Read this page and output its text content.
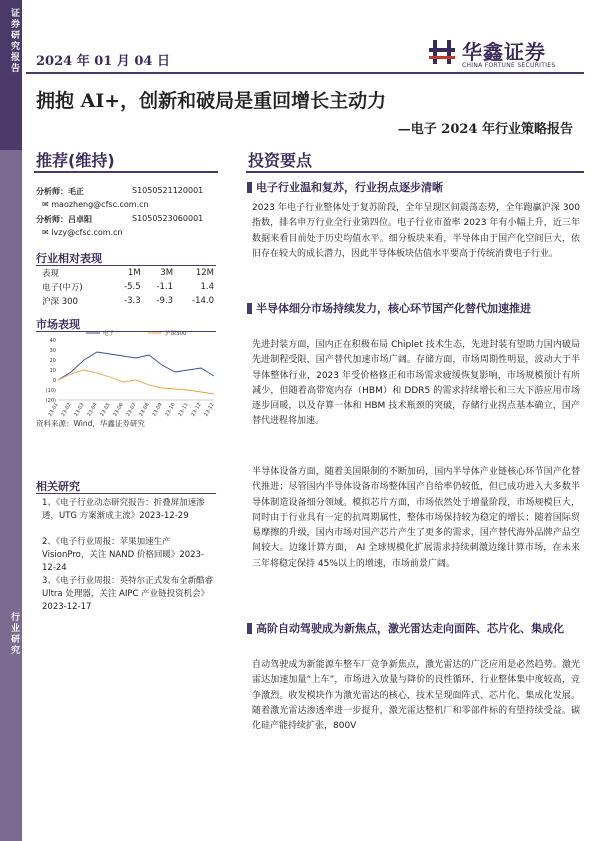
证券研究报告
行业研究
2024 年 01 月 04 日	华鑫证券
CHINA FORTUNE SECURITIES
拥抱 AI+，创新和破局是重回增长主动力
—电子 2024 年行业策略报告
推荐(维持)	投资要点
分析师：毛正	S1050521120001
✉ maozheng@cfsc.com.cn
分析师：吕卓阳	S1050523060001
✉ lvzy@cfsc.com.cn
行业相对表现
表现	1M	3M	12M
电子(中万)	-5.5	-1.1	1.4
沪深 300	-3.3	-9.3	-14.0
市场表现
40
30
20
10
0
(10)
(20)
23-01 23-02 23-03 23-04 23-05 23-06 23-07 23-08 23-09 23-10 23-11 23-12 23-12
电子	沪深300
资料来源：Wind，华鑫证券研究
相关研究
1、《电子行业动态研究报告：折叠屏加速渗透，UTG 方案渐成主流》2023-12-29
2、《电子行业周报：苹果加速生产 VisionPro，关注 NAND 价格回暖》2023-12-24
3、《电子行业周报：英特尔正式发布全新酷睿 Ultra 处理器，关注 AIPC 产业链投资机会》2023-12-17
电子行业温和复苏，行业拐点逐步清晰
2023 年电子行业整体处于复苏阶段，全年呈现区间震荡态势，全年跑赢沪深 300 指数，排名申万行业全行业第四位。电子行业市盈率 2023 年有小幅上升，近三年数据来看目前处于历史均值水平。细分板块来看，半导体由于国产化空间巨大，依旧存在较大的成长潜力，因此半导体板块估值水平要高于传统消费电子行业。
半导体细分市场持续发力，核心环节国产化替代加速推进
先进封装方面，国内正在积极布局 Chiplet 技术生态，先进封装有望助力国内破局先进制程受限，国产替代加速市场广阔。存储方面，市场周期性明显，波动大于半导体整体行业，2023 年受价格修正和市场需求疲缓恢复影响，市场规模预计有所减少，但随着高带宽内存（HBM）和 DDR5 的需求持续增长和三大下游应用市场逐步回暖，以及存算一体和 HBM 技术瓶颈的突破，存储行业拐点基本确立，国产替代进程将加速。
半导体设备方面，随着美国限制的不断加码，国内半导体产业链核心环节国产化替代推进；尽管国内半导体设备市场整体国产自给率仍较低，但已成功进入大多数半导体制造设备细分领域。模拟芯片方面，市场依然处于增量阶段，市场规模巨大，同时由于行业具有一定的抗周期属性，整体市场保持较为稳定的增长；随着国际贸易摩擦的升级，国内市场对国产芯片产生了更多的需求，国产替代海外品牌产品空间较大。边缘计算方面， AI 全球规模化扩展需求持续刺激边缘计算市场，在未来三年将稳定保持 45%以上的增速，市场前景广阔。
高阶自动驾驶成为新焦点，激光雷达走向面阵、芯片化、集成化
自动驾驶成为新能源车整车厂竞争新焦点，激光雷达的广泛应用是必然趋势。激光雷达加速加量“上车”，市场进入放量与降价的良性循环，行业整体集中度较高，竞争激烈。收发模块作为激光雷达的核心，技术呈现面阵式、芯片化、集成化发展。随着激光雷达渗透率进一步提升，激光雷达整机厂和零部件标的有望持续受益。碳化硅产能持续扩张，800V
